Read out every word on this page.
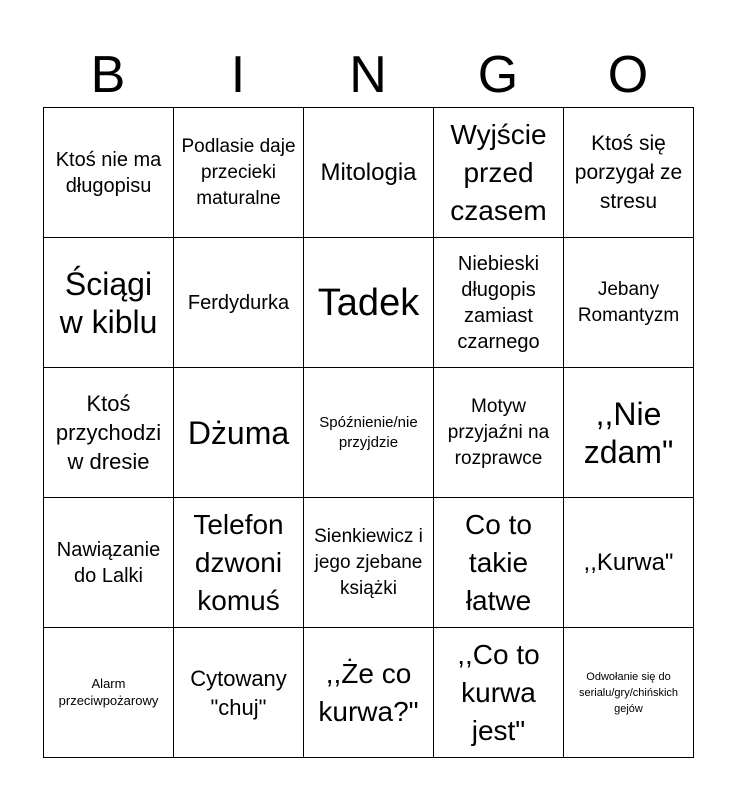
B	I	N	G	O
Ktoś nie ma długopisu	Podlasie daje przecieki maturalne	Mitologia	Wyjście przed czasem	Ktoś się porzygał ze stresu
Ściągi w kiblu	Ferdydurka	Tadek	Niebieski długopis zamiast czarnego	Jebany Romantyzm
Ktoś przychodzi w dresie	Dżuma	Spóźnienie/nie przyjdzie	Motyw przyjaźni na rozprawce	,,Nie zdam"
Nawiązanie do Lalki	Telefon dzwoni komuś	Sienkiewicz i jego zjebane książki	Co to takie łatwe	,,Kurwa"
Alarm przeciwpożarowy	Cytowany "chuj"	,,Że co kurwa?"	,,Co to kurwa jest"	Odwołanie się do serialu/gry/chińskich gejów
